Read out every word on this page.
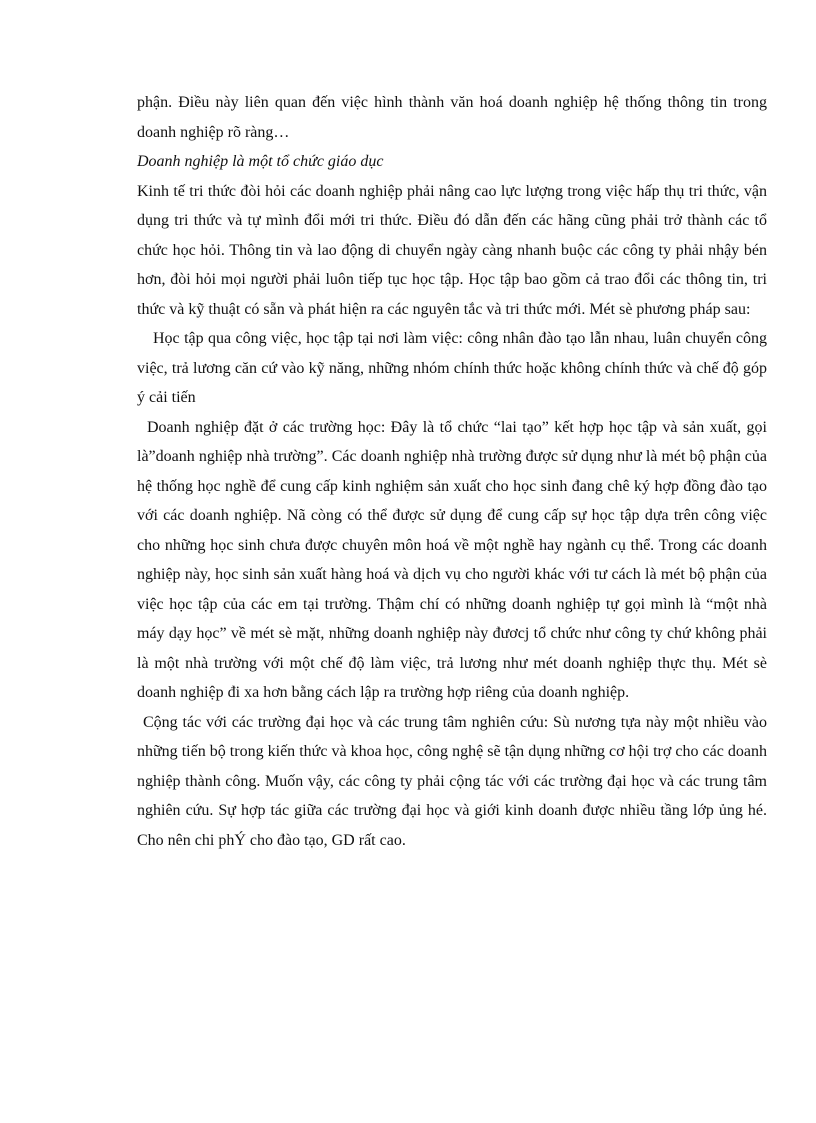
phận. Điều này liên quan đến việc hình thành văn hoá doanh nghiệp hệ thống thông tin trong doanh nghiệp rõ ràng…

Doanh nghiệp là một tổ chức giáo dục

Kinh tế tri thức đòi hỏi các doanh nghiệp phải nâng cao lực lượng trong việc hấp thụ tri thức, vận dụng tri thức và tự mình đổi mới tri thức. Điều đó dẫn đến các hãng cũng phải trở thành các tổ chức học hỏi. Thông tin và lao động di chuyển ngày càng nhanh buộc các công ty phải nhậy bén hơn, đòi hỏi mọi người phải luôn tiếp tục học tập. Học tập bao gồm cả trao đổi các thông tin, tri thức và kỹ thuật có sẵn và phát hiện ra các nguyên tắc và tri thức mới. Mét sè phương pháp sau:

Học tập qua công việc, học tập tại nơi làm việc: công nhân đào tạo lẫn nhau, luân chuyển công việc, trả lương căn cứ vào kỹ năng, những nhóm chính thức hoặc không chính thức và chế độ góp ý cải tiến

Doanh nghiệp đặt ở các trường học: Đây là tổ chức “lai tạo” kết hợp học tập và sản xuất, gọi là”doanh nghiệp nhà trường”. Các doanh nghiệp nhà trường được sử dụng như là mét bộ phận của hệ thống học nghề để cung cấp kinh nghiệm sản xuất cho học sinh đang chê ký hợp đồng đào tạo với các doanh nghiệp. Nã còng có thể được sử dụng để cung cấp sự học tập dựa trên công việc cho những học sinh chưa được chuyên môn hoá về một nghề hay ngành cụ thể. Trong các doanh nghiệp này, học sinh sản xuất hàng hoá và dịch vụ cho người khác với tư cách là mét bộ phận của việc học tập của các em tại trường. Thậm chí có những doanh nghiệp tự gọi mình là “một nhà máy dạy học” về mét sè mặt, những doanh nghiệp này đươcj tổ chức như công ty chứ không phải là một nhà trường với một chế độ làm việc, trả lương như mét doanh nghiệp thực thụ. Mét sè doanh nghiệp đi xa hơn bằng cách lập ra trường hợp riêng của doanh nghiệp.

Cộng tác với các trường đại học và các trung tâm nghiên cứu: Sù nương tựa này một nhiều vào những tiến bộ trong kiến thức và khoa học, công nghệ sẽ tận dụng những cơ hội trợ cho các doanh nghiệp thành công. Muốn vậy, các công ty phải cộng tác với các trường đại học và các trung tâm nghiên cứu. Sự hợp tác giữa các trường đại học và giới kinh doanh được nhiều tầng lớp ủng hé. Cho nên chi phÝ cho đào tạo, GD rất cao.
